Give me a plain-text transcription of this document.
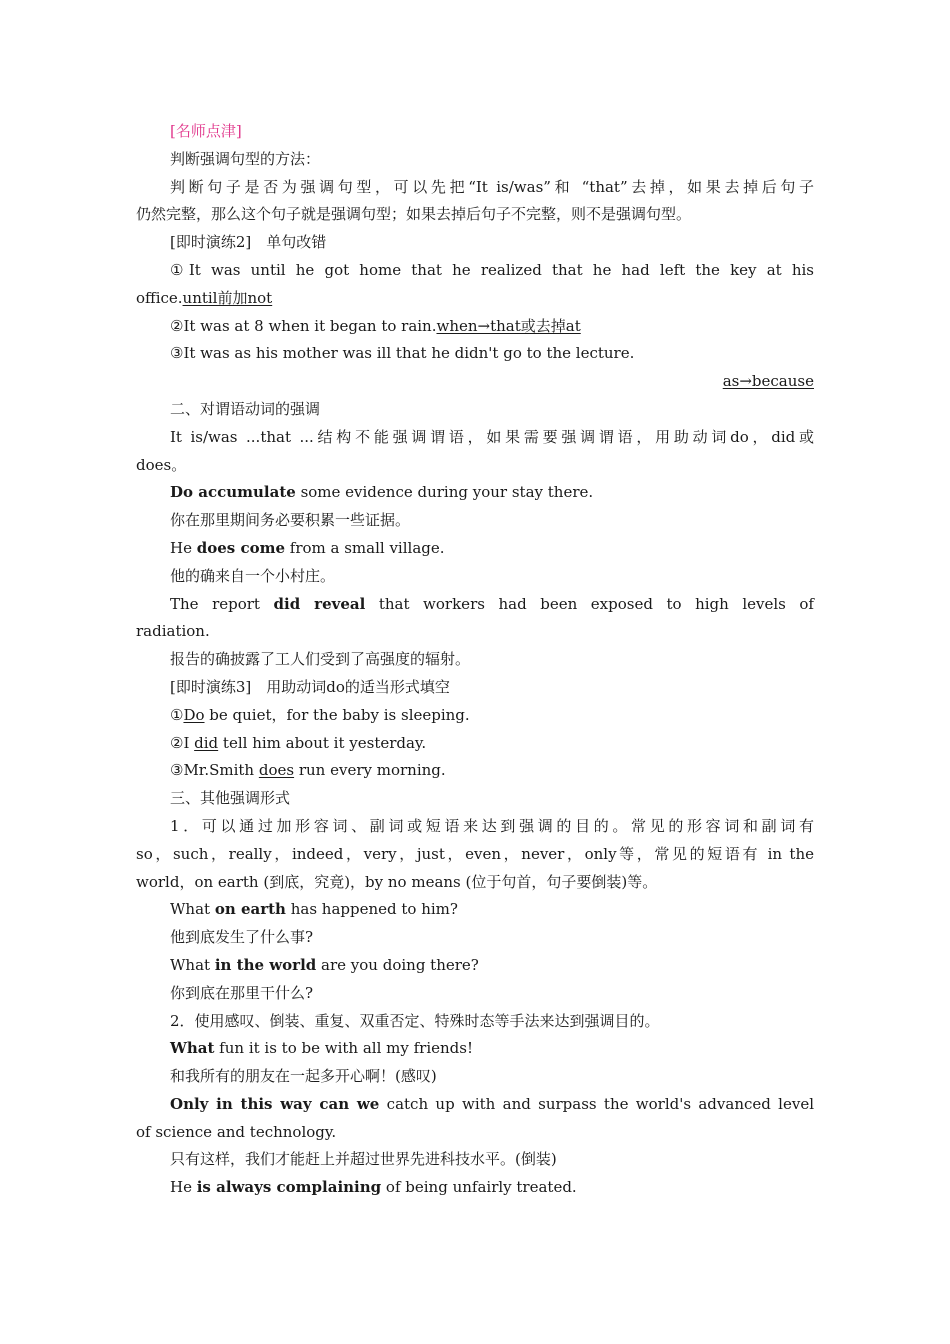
[名师点津]
判断强调句型的方法：
判断句子是否为强调句型，可以先把“It is/was”和 “that”去掉，如果去掉后句子
仍然完整，那么这个句子就是强调句型；如果去掉后句子不完整，则不是强调句型。
[即时演练2]　单句改错
①It was until he got home that he realized that he had left the key at his
office.until前加not
②It was at 8 when it began to rain.when→that或去掉at
③It was as his mother was ill that he didn't go to the lecture.
as→because
二、对谓语动词的强调
It is/was ...that ...结构不能强调谓语，如果需要强调谓语，用助动词do，did或
does。
Do accumulate some evidence during your stay there.
你在那里期间务必要积累一些证据。
He does come from a small village.
他的确来自一个小村庄。
The report did reveal that workers had been exposed to high levels of
radiation.
报告的确披露了工人们受到了高强度的辐射。
[即时演练3]　用助动词do的适当形式填空
①Do be quiet，for the baby is sleeping.
②I did tell him about it yesterday.
③Mr.Smith does run every morning.
三、其他强调形式
1．可以通过加形容词、副词或短语来达到强调的目的。常见的形容词和副词有
so，such，really，indeed，very，just，even，never，only等，常见的短语有 in the
world，on earth (到底，究竟)，by no means (位于句首，句子要倒装)等。
What on earth has happened to him?
他到底发生了什么事?
What in the world are you doing there?
你到底在那里干什么?
2．使用感叹、倒装、重复、双重否定、特殊时态等手法来达到强调目的。
What fun it is to be with all my friends!
和我所有的朋友在一起多开心啊！(感叹)
Only in this way can we catch up with and surpass the world's advanced level
of science and technology.
只有这样，我们才能赶上并超过世界先进科技水平。(倒装)
He is always complaining of being unfairly treated.
